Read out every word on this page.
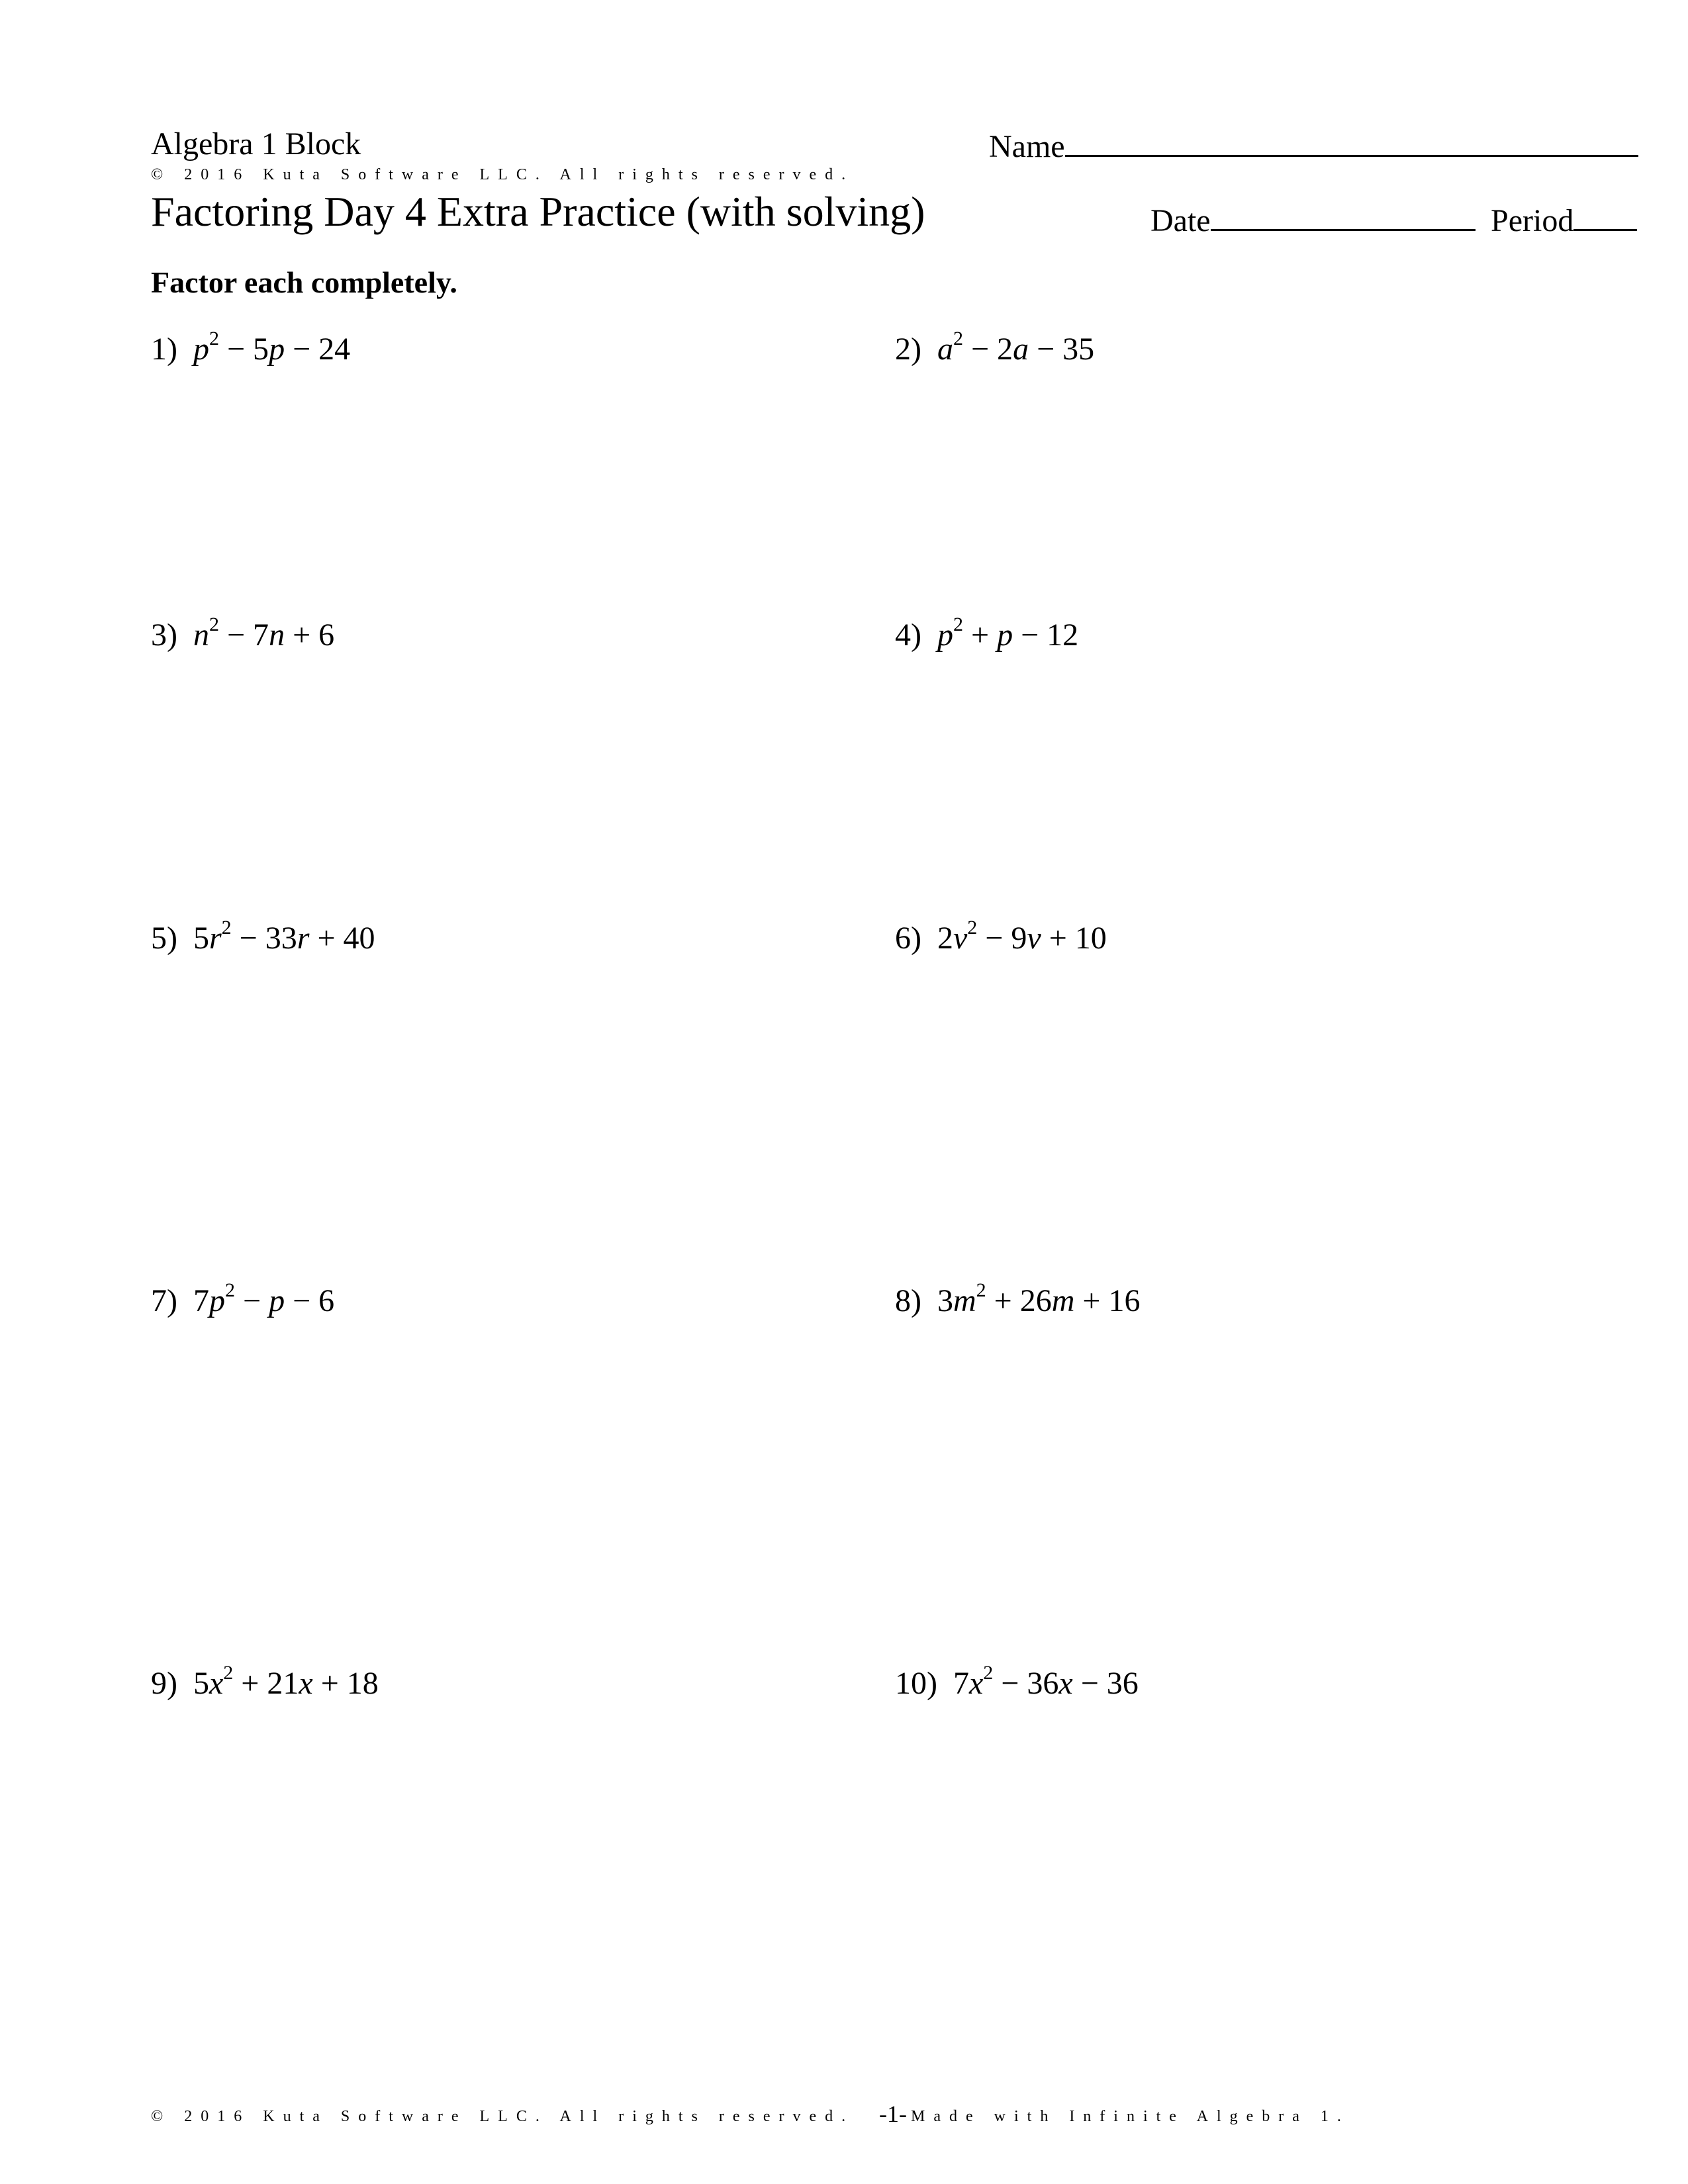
Algebra 1 Block	Name
© 2016 Kuta Software LLC. All rights reserved.
Factoring Day 4 Extra Practice (with solving)	Date	Period
Factor each completely.
1)  $p^2 - 5p - 24$	2)  $a^2 - 2a - 35$
3)  $n^2 - 7n + 6$	4)  $p^2 + p - 12$
5)  $5r^2 - 33r + 40$	6)  $2v^2 - 9v + 10$
7)  $7p^2 - p - 6$	8)  $3m^2 + 26m + 16$
9)  $5x^2 + 21x + 18$	10)  $7x^2 - 36x - 36$
© 2016 Kuta Software LLC. All rights reserved. -1- Made with Infinite Algebra 1.
